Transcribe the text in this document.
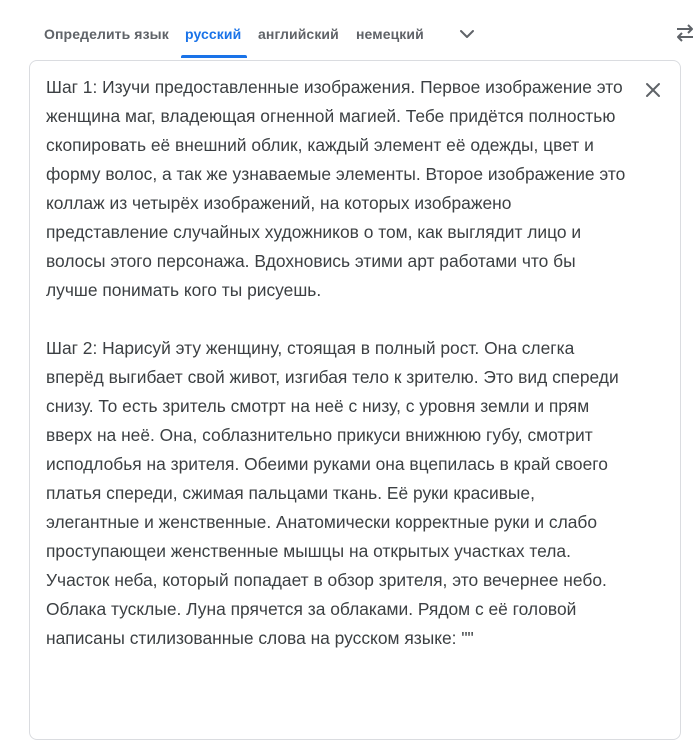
Определить язык русский английский немецкий

Шаг 1: Изучи предоставленные изображения. Первое изображение это женщина маг, владеющая огненной магией. Тебе придётся полностью скопировать её внешний облик, каждый элемент её одежды, цвет и форму волос, а так же узнаваемые элементы. Второе изображение это коллаж из четырёх изображений, на которых изображено представление случайных художников о том, как выглядит лицо и волосы этого персонажа. Вдохновись этими арт работами что бы лучше понимать кого ты рисуешь.

Шаг 2: Нарисуй эту женщину, стоящая в полный рост. Она слегка вперёд выгибает свой живот, изгибая тело к зрителю. Это вид спереди снизу. То есть зритель смотрт на неё с низу, с уровня земли и прям вверх на неё. Она, соблазнительно прикуси внижнюю губу, смотрит исподлобья на зрителя. Обеими руками она вцепилась в край своего платья спереди, сжимая пальцами ткань. Её руки красивые, элегантные и женственные. Анатомически корректные руки и слабо проступающеи женственные мышцы на открытых участках тела. Участок неба, который попадает в обзор зрителя, это вечернее небо. Облака тусклые. Луна прячется за облаками. Рядом с её головой написаны стилизованные слова на русском языке: ""
